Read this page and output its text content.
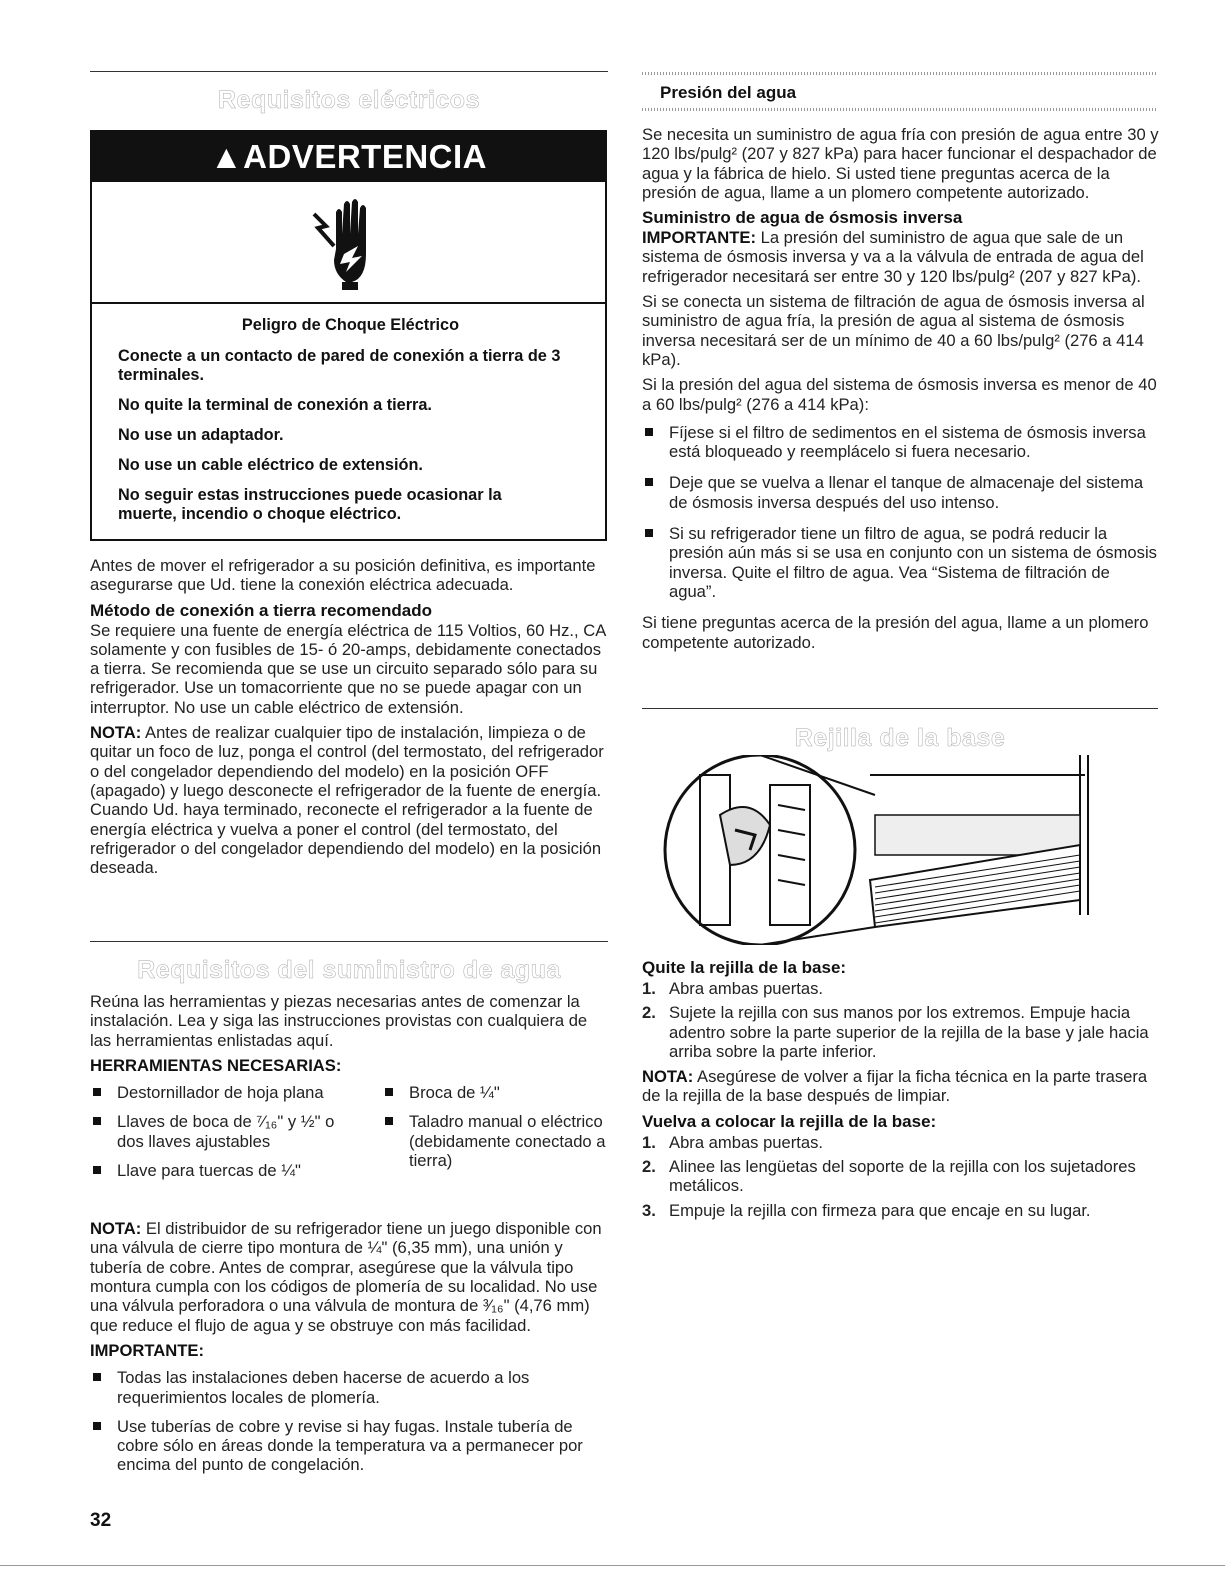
Requisitos eléctricos
▲ADVERTENCIA

Peligro de Choque Eléctrico

Conecte a un contacto de pared de conexión a tierra de 3 terminales.

No quite la terminal de conexión a tierra.

No use un adaptador.

No use un cable eléctrico de extensión.

No seguir estas instrucciones puede ocasionar la muerte, incendio o choque eléctrico.

Antes de mover el refrigerador a su posición definitiva, es importante asegurarse que Ud. tiene la conexión eléctrica adecuada.

Método de conexión a tierra recomendado

Se requiere una fuente de energía eléctrica de 115 Voltios, 60 Hz., CA solamente y con fusibles de 15- ó 20-amps, debidamente conectados a tierra. Se recomienda que se use un circuito separado sólo para su refrigerador. Use un tomacorriente que no se puede apagar con un interruptor. No use un cable eléctrico de extensión.

NOTA: Antes de realizar cualquier tipo de instalación, limpieza o de quitar un foco de luz, ponga el control (del termostato, del refrigerador o del congelador dependiendo del modelo) en la posición OFF (apagado) y luego desconecte el refrigerador de la fuente de energía. Cuando Ud. haya terminado, reconecte el refrigerador a la fuente de energía eléctrica y vuelva a poner el control (del termostato, del refrigerador o del congelador dependiendo del modelo) en la posición deseada.

Requisitos del suministro de agua

Reúna las herramientas y piezas necesarias antes de comenzar la instalación. Lea y siga las instrucciones provistas con cualquiera de las herramientas enlistadas aquí.

HERRAMIENTAS NECESARIAS:

Destornillador de hoja plana
Llaves de boca de ⁷⁄₁₆" y ½" o dos llaves ajustables
Llave para tuercas de ¼"
Broca de ¼"
Taladro manual o eléctrico (debidamente conectado a tierra)

NOTA: El distribuidor de su refrigerador tiene un juego disponible con una válvula de cierre tipo montura de ¼" (6,35 mm), una unión y tubería de cobre. Antes de comprar, asegúrese que la válvula tipo montura cumpla con los códigos de plomería de su localidad. No use una válvula perforadora o una válvula de montura de ³⁄₁₆" (4,76 mm) que reduce el flujo de agua y se obstruye con más facilidad.

IMPORTANTE:

Todas las instalaciones deben hacerse de acuerdo a los requerimientos locales de plomería.
Use tuberías de cobre y revise si hay fugas. Instale tubería de cobre sólo en áreas donde la temperatura va a permanecer por encima del punto de congelación.
32
Presión del agua

Se necesita un suministro de agua fría con presión de agua entre 30 y 120 lbs/pulg² (207 y 827 kPa) para hacer funcionar el despachador de agua y la fábrica de hielo. Si usted tiene preguntas acerca de la presión de agua, llame a un plomero competente autorizado.

Suministro de agua de ósmosis inversa

IMPORTANTE: La presión del suministro de agua que sale de un sistema de ósmosis inversa y va a la válvula de entrada de agua del refrigerador necesitará ser entre 30 y 120 lbs/pulg² (207 y 827 kPa).

Si se conecta un sistema de filtración de agua de ósmosis inversa al suministro de agua fría, la presión de agua al sistema de ósmosis inversa necesitará ser de un mínimo de 40 a 60 lbs/pulg² (276 a 414 kPa).

Si la presión del agua del sistema de ósmosis inversa es menor de 40 a 60 lbs/pulg² (276 a 414 kPa):

Fíjese si el filtro de sedimentos en el sistema de ósmosis inversa está bloqueado y reemplácelo si fuera necesario.
Deje que se vuelva a llenar el tanque de almacenaje del sistema de ósmosis inversa después del uso intenso.
Si su refrigerador tiene un filtro de agua, se podrá reducir la presión aún más si se usa en conjunto con un sistema de ósmosis inversa. Quite el filtro de agua. Vea “Sistema de filtración de agua”.

Si tiene preguntas acerca de la presión del agua, llame a un plomero competente autorizado.

Rejilla de la base

Quite la rejilla de la base:

1. Abra ambas puertas.
2. Sujete la rejilla con sus manos por los extremos. Empuje hacia adentro sobre la parte superior de la rejilla de la base y jale hacia arriba sobre la parte inferior.

NOTA: Asegúrese de volver a fijar la ficha técnica en la parte trasera de la rejilla de la base después de limpiar.

Vuelva a colocar la rejilla de la base:

1. Abra ambas puertas.
2. Alinee las lengüetas del soporte de la rejilla con los sujetadores metálicos.
3. Empuje la rejilla con firmeza para que encaje en su lugar.
